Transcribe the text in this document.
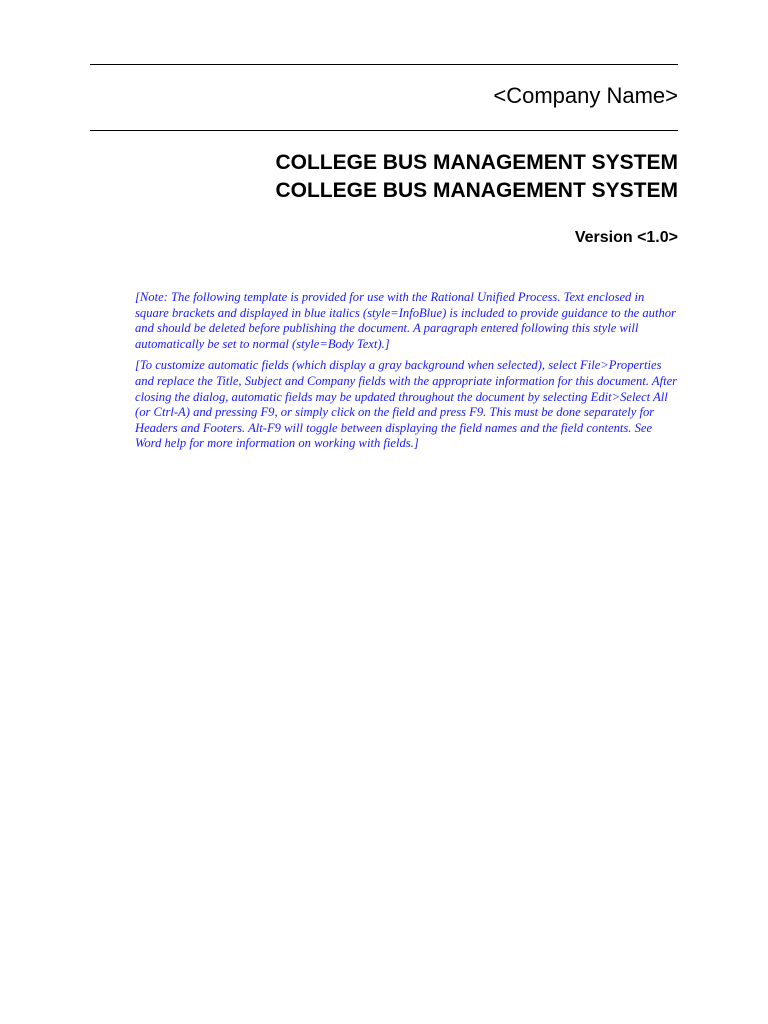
<Company Name>
COLLEGE BUS MANAGEMENT SYSTEM
COLLEGE BUS MANAGEMENT SYSTEM
Version <1.0>

[Note: The following template is provided for use with the Rational Unified Process. Text enclosed in square brackets and displayed in blue italics (style=InfoBlue) is included to provide guidance to the author and should be deleted before publishing the document. A paragraph entered following this style will automatically be set to normal (style=Body Text).]

[To customize automatic fields (which display a gray background when selected), select File>Properties and replace the Title, Subject and Company fields with the appropriate information for this document. After closing the dialog, automatic fields may be updated throughout the document by selecting Edit>Select All (or Ctrl-A) and pressing F9, or simply click on the field and press F9. This must be done separately for Headers and Footers. Alt-F9 will toggle between displaying the field names and the field contents. See Word help for more information on working with fields.]
